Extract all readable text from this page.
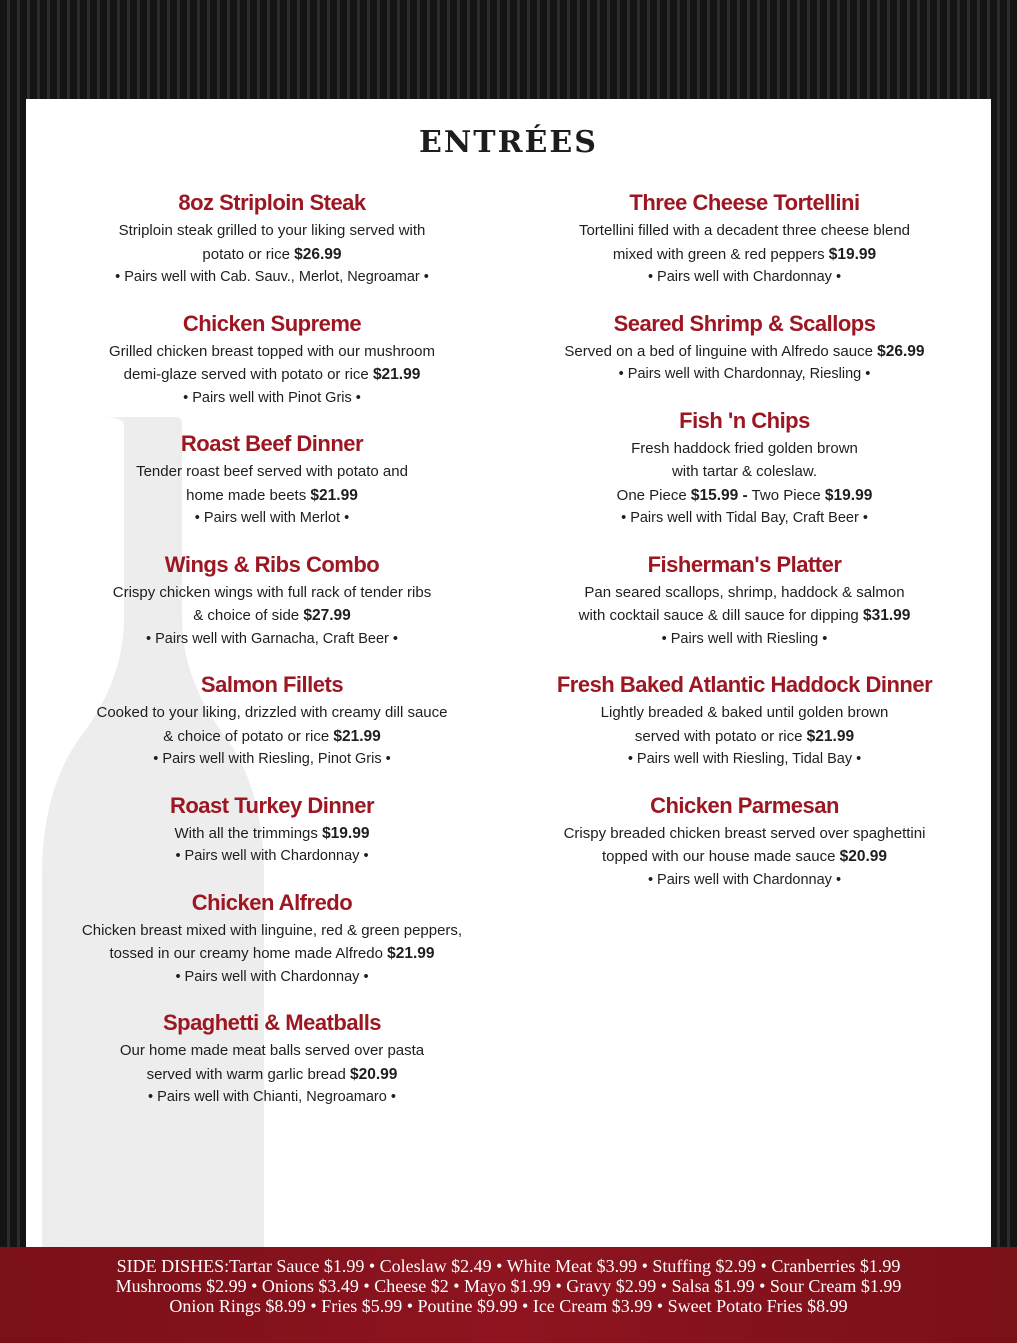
ENTRÉES
8oz Striploin Steak

Striploin steak grilled to your liking served with

potato or rice $26.99

• Pairs well with Cab. Sauv., Merlot, Negroamar •

Chicken Supreme

Grilled chicken breast topped with our mushroom

demi-glaze served with potato or rice $21.99

• Pairs well with Pinot Gris •

Roast Beef Dinner

Tender roast beef served with potato and

home made beets $21.99

• Pairs well with Merlot •

Wings & Ribs Combo

Crispy chicken wings with full rack of tender ribs

& choice of side $27.99

• Pairs well with Garnacha, Craft Beer •

Salmon Fillets

Cooked to your liking, drizzled with creamy dill sauce

& choice of potato or rice $21.99

• Pairs well with Riesling, Pinot Gris •

Roast Turkey Dinner

With all the trimmings $19.99

• Pairs well with Chardonnay •

Chicken Alfredo

Chicken breast mixed with linguine, red & green peppers,

tossed in our creamy home made Alfredo $21.99

• Pairs well with Chardonnay •

Spaghetti & Meatballs

Our home made meat balls served over pasta

served with warm garlic bread $20.99

• Pairs well with Chianti, Negroamaro •

Three Cheese Tortellini

Tortellini filled with a decadent three cheese blend

mixed with green & red peppers $19.99

• Pairs well with Chardonnay •

Seared Shrimp & Scallops

Served on a bed of linguine with Alfredo sauce $26.99

• Pairs well with Chardonnay, Riesling •

Fish 'n Chips

Fresh haddock fried golden brown

with tartar & coleslaw.

One Piece $15.99 - Two Piece $19.99

• Pairs well with Tidal Bay, Craft Beer •

Fisherman's Platter

Pan seared scallops, shrimp, haddock & salmon

with cocktail sauce & dill sauce for dipping $31.99

• Pairs well with Riesling •

Fresh Baked Atlantic Haddock Dinner

Lightly breaded & baked until golden brown

served with potato or rice $21.99

• Pairs well with Riesling, Tidal Bay •

Chicken Parmesan

Crispy breaded chicken breast served over spaghettini

topped with our house made sauce $20.99

• Pairs well with Chardonnay •

SIDE DISHES:Tartar Sauce $1.99 • Coleslaw $2.49 • White Meat $3.99 • Stuffing $2.99 • Cranberries $1.99

Mushrooms $2.99 • Onions $3.49 • Cheese $2 • Mayo $1.99 • Gravy $2.99 • Salsa $1.99 • Sour Cream $1.99

Onion Rings $8.99 • Fries $5.99 • Poutine $9.99 • Ice Cream $3.99 • Sweet Potato Fries $8.99
